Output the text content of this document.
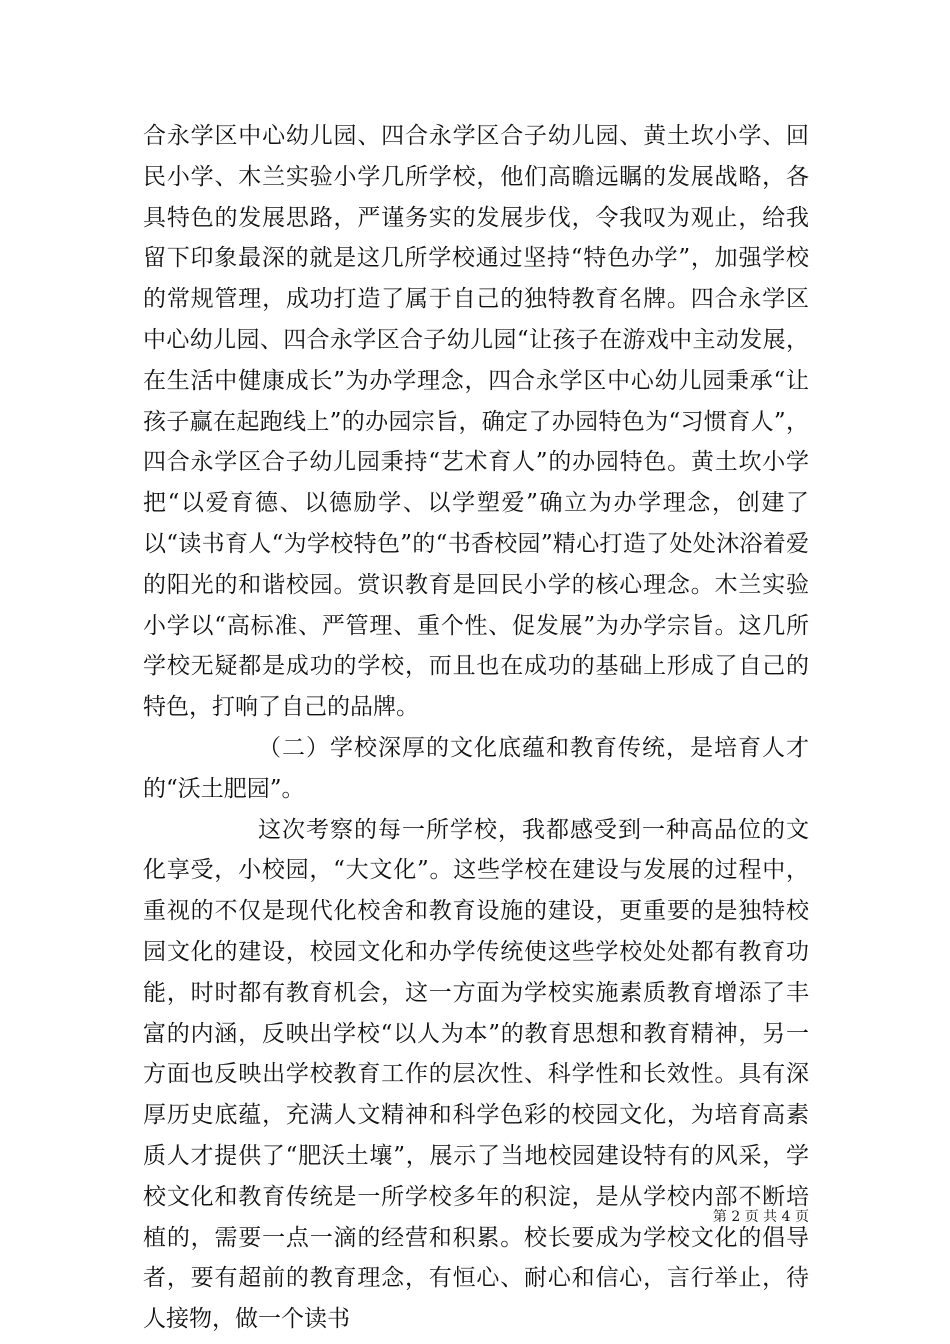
合永学区中心幼儿园、四合永学区合子幼儿园、黄土坎小学、回民小学、木兰实验小学几所学校，他们高瞻远瞩的发展战略，各具特色的发展思路，严谨务实的发展步伐，令我叹为观止，给我留下印象最深的就是这几所学校通过坚持“特色办学”，加强学校的常规管理，成功打造了属于自己的独特教育名牌。四合永学区中心幼儿园、四合永学区合子幼儿园“让孩子在游戏中主动发展，在生活中健康成长”为办学理念，四合永学区中心幼儿园秉承“让孩子赢在起跑线上”的办园宗旨，确定了办园特色为“习惯育人”，四合永学区合子幼儿园秉持“艺术育人”的办园特色。黄土坎小学把“以爱育德、以德励学、以学塑爱”确立为办学理念，创建了以“读书育人“为学校特色”的“书香校园”精心打造了处处沐浴着爱的阳光的和谐校园。赏识教育是回民小学的核心理念。木兰实验小学以“高标准、严管理、重个性、促发展”为办学宗旨。这几所学校无疑都是成功的学校，而且也在成功的基础上形成了自己的特色，打响了自己的品牌。

（二）学校深厚的文化底蕴和教育传统，是培育人才的“沃土肥园”。

这次考察的每一所学校，我都感受到一种高品位的文化享受，小校园，“大文化”。这些学校在建设与发展的过程中，重视的不仅是现代化校舍和教育设施的建设，更重要的是独特校园文化的建设，校园文化和办学传统使这些学校处处都有教育功能，时时都有教育机会，这一方面为学校实施素质教育增添了丰富的内涵，反映出学校“以人为本”的教育思想和教育精神，另一方面也反映出学校教育工作的层次性、科学性和长效性。具有深厚历史底蕴，充满人文精神和科学色彩的校园文化，为培育高素质人才提供了“肥沃土壤”，展示了当地校园建设特有的风采，学校文化和教育传统是一所学校多年的积淀，是从学校内部不断培植的，需要一点一滴的经营和积累。校长要成为学校文化的倡导者，要有超前的教育理念，有恒心、耐心和信心，言行举止，待人接物，做一个读书

第 2 页 共 4 页
